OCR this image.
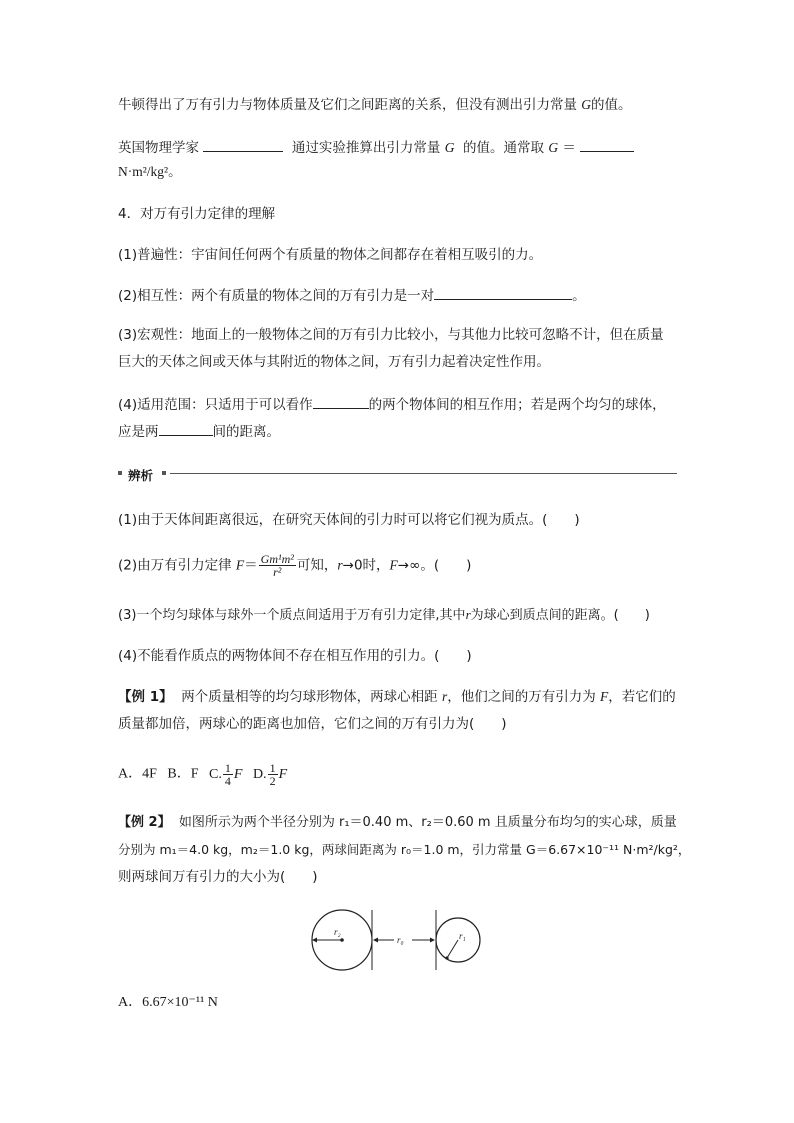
牛顿得出了万有引力与物体质量及它们之间距离的关系，但没有测出引力常量 G的值。
英国物理学家	通过实验推算出引力常量 G 的值。通常取 G ＝
N·m²/kg²。
4．对万有引力定律的理解
(1)普遍性：宇宙间任何两个有质量的物体之间都存在着相互吸引的力。
(2)相互性：两个有质量的物体之间的万有引力是一对	。
(3)宏观性：地面上的一般物体之间的万有引力比较小，与其他力比较可忽略不计，但在质量
巨大的天体之间或天体与其附近的物体之间，万有引力起着决定性作用。
(4)适用范围：只适用于可以看作	的两个物体间的相互作用；若是两个均匀的球体，
应是两	间的距离。
辨析
(1)由于天体间距离很远，在研究天体间的引力时可以将它们视为质点。(　　)
(2)由万有引力定律 $F= \frac{\text{Gm¹m²}}{\text{r²}}$ 可知，r→0时，F→∞。(　　)
(3)一个均匀球体与球外一个质点间适用于万有引力定律,其中r为球心到质点间的距离。(　　)
(4)不能看作质点的两物体间不存在相互作用的引力。(　　)
【例 1】 两个质量相等的均匀球形物体，两球心相距 r，他们之间的万有引力为 F，若它们的
质量都加倍，两球心的距离也加倍，它们之间的万有引力为(　　)
A．4F B．F C. $\frac{1}{4}$ F D. $\frac{1}{2}$ F
【例 2】 如图所示为两个半径分别为 r₁＝0.40 m、r₂＝0.60 m 且质量分布均匀的实心球，质量
分别为 m₁＝4.0 kg，m₂＝1.0 kg，两球间距离为 r₀＝1.0 m，引力常量 G＝6.67×10⁻¹¹ N·m²/kg²，
则两球间万有引力的大小为(　　)
r₂
r₀	r₁
A．6.67×10⁻¹¹ N
